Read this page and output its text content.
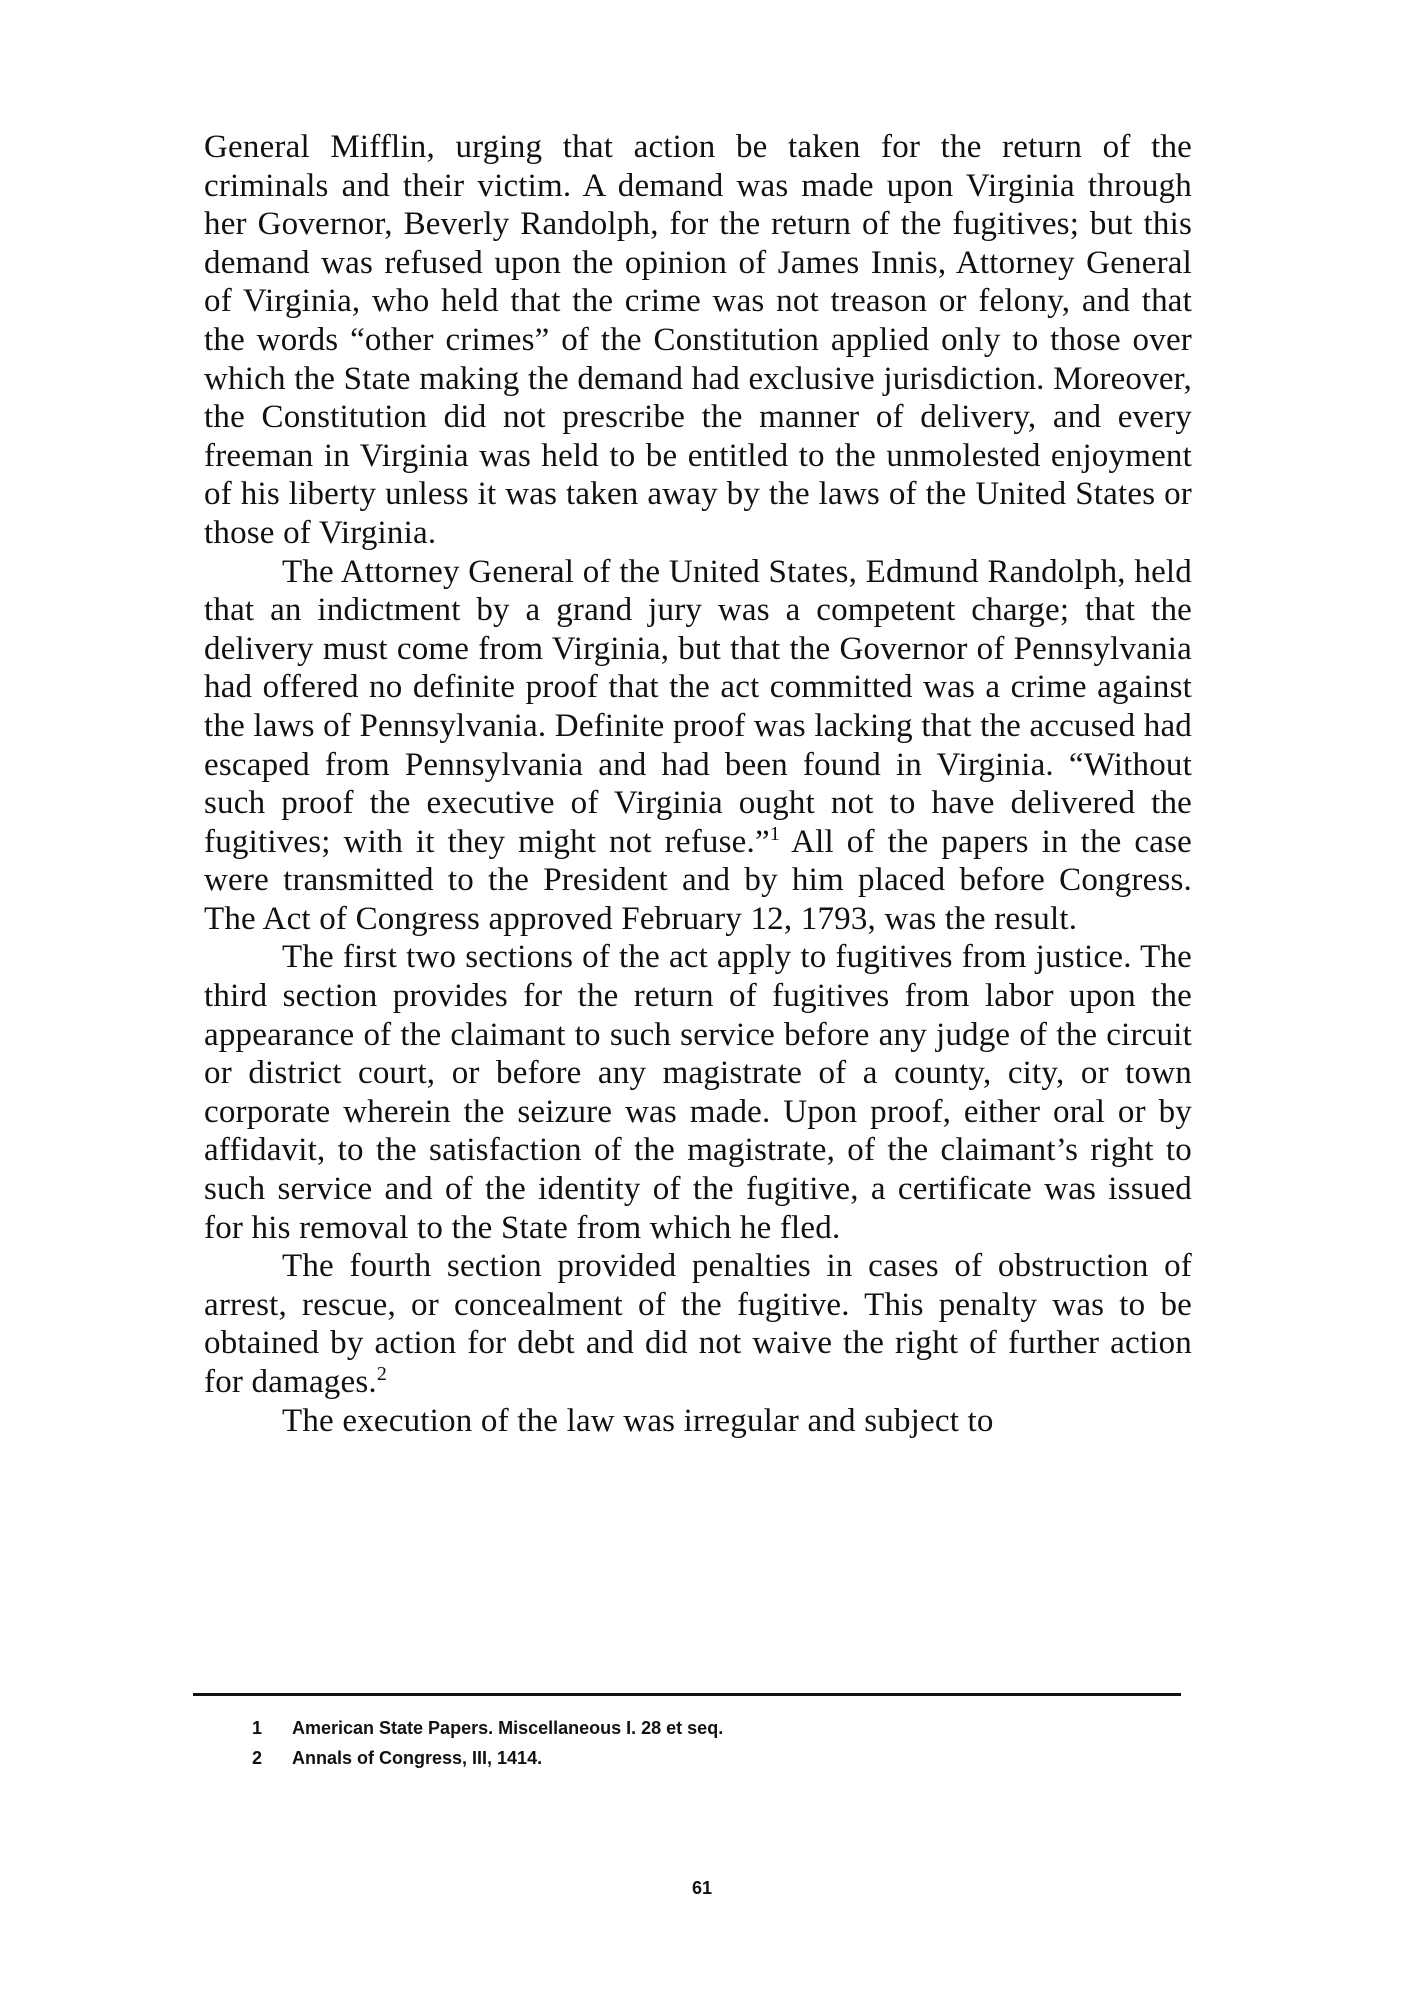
General Mifflin, urging that action be taken for the return of the criminals and their victim. A demand was made upon Virginia through her Governor, Beverly Randolph, for the return of the fugitives; but this demand was refused upon the opinion of James Innis, Attorney General of Virginia, who held that the crime was not treason or felony, and that the words “other crimes” of the Constitution applied only to those over which the State making the demand had exclusive jurisdiction. Moreover, the Constitution did not prescribe the manner of delivery, and every freeman in Virginia was held to be entitled to the unmolested enjoyment of his liberty unless it was taken away by the laws of the United States or those of Virginia.

The Attorney General of the United States, Edmund Randolph, held that an indictment by a grand jury was a competent charge; that the delivery must come from Virginia, but that the Governor of Pennsylvania had offered no definite proof that the act committed was a crime against the laws of Pennsylvania. Definite proof was lacking that the accused had escaped from Pennsylvania and had been found in Virginia. “Without such proof the executive of Virginia ought not to have delivered the fugitives; with it they might not refuse.”$^1$ All of the papers in the case were transmitted to the President and by him placed before Congress. The Act of Congress approved February 12, 1793, was the result.

The first two sections of the act apply to fugitives from justice. The third section provides for the return of fugitives from labor upon the appearance of the claimant to such service before any judge of the circuit or district court, or before any magistrate of a county, city, or town corporate wherein the seizure was made. Upon proof, either oral or by affidavit, to the satisfaction of the magistrate, of the claimant’s right to such service and of the identity of the fugitive, a certificate was issued for his removal to the State from which he fled.

The fourth section provided penalties in cases of obstruction of arrest, rescue, or concealment of the fugitive. This penalty was to be obtained by action for debt and did not waive the right of further action for damages.$^2$

The execution of the law was irregular and subject to

1 American State Papers. Miscellaneous I. 28 et seq.
2 Annals of Congress, III, 1414.
61
